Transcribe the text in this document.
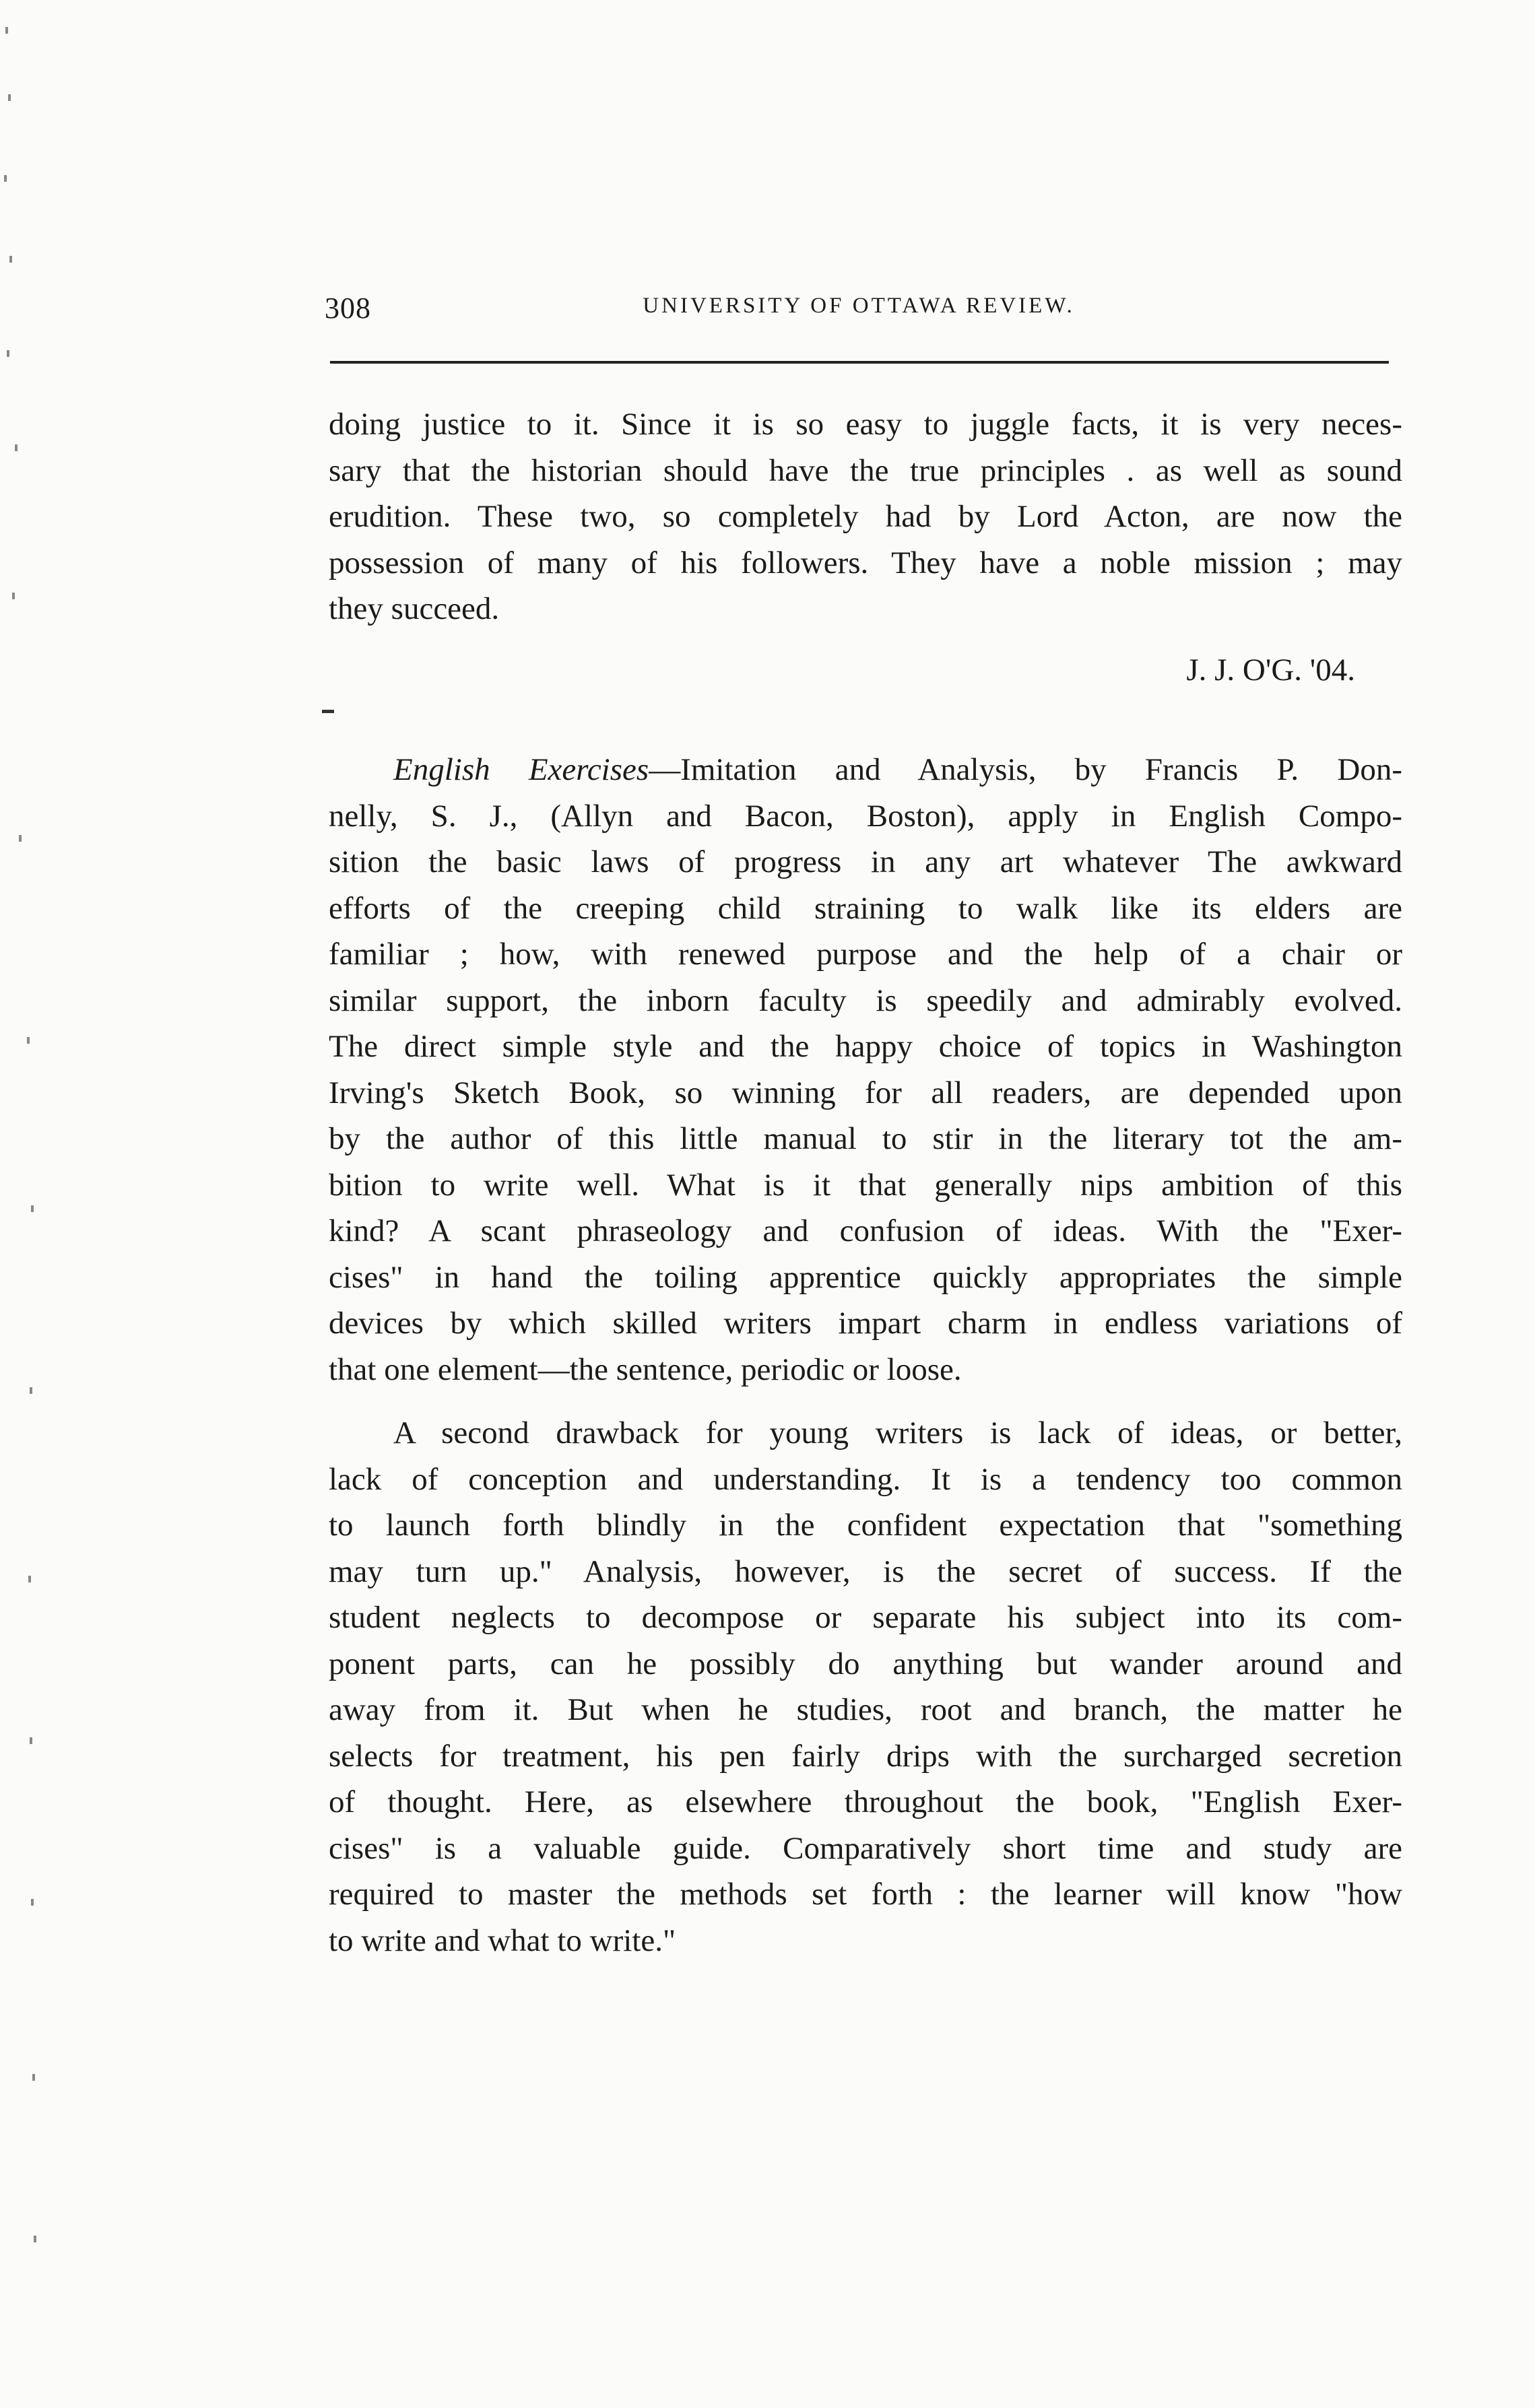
308	UNIVERSITY OF OTTAWA REVIEW.
doing justice to it. Since it is so easy to juggle facts, it is very neces-
sary that the historian should have the true principles . as well as sound
erudition. These two, so completely had by Lord Acton, are now the
possession of many of his followers. They have a noble mission ; may
they succeed.
J. J. O'G. '04.
English Exercises—Imitation and Analysis, by Francis P. Don-
nelly, S. J., (Allyn and Bacon, Boston), apply in English Compo-
sition the basic laws of progress in any art whatever The awkward
efforts of the creeping child straining to walk like its elders are
familiar ; how, with renewed purpose and the help of a chair or
similar support, the inborn faculty is speedily and admirably evolved.
The direct simple style and the happy choice of topics in Washington
Irving's Sketch Book, so winning for all readers, are depended upon
by the author of this little manual to stir in the literary tot the am-
bition to write well. What is it that generally nips ambition of this
kind? A scant phraseology and confusion of ideas. With the "Exer-
cises" in hand the toiling apprentice quickly appropriates the simple
devices by which skilled writers impart charm in endless variations of
that one element—the sentence, periodic or loose.
A second drawback for young writers is lack of ideas, or better,
lack of conception and understanding. It is a tendency too common
to launch forth blindly in the confident expectation that "something
may turn up." Analysis, however, is the secret of success. If the
student neglects to decompose or separate his subject into its com-
ponent parts, can he possibly do anything but wander around and
away from it. But when he studies, root and branch, the matter he
selects for treatment, his pen fairly drips with the surcharged secretion
of thought. Here, as elsewhere throughout the book, "English Exer-
cises" is a valuable guide. Comparatively short time and study are
required to master the methods set forth : the learner will know "how
to write and what to write."
